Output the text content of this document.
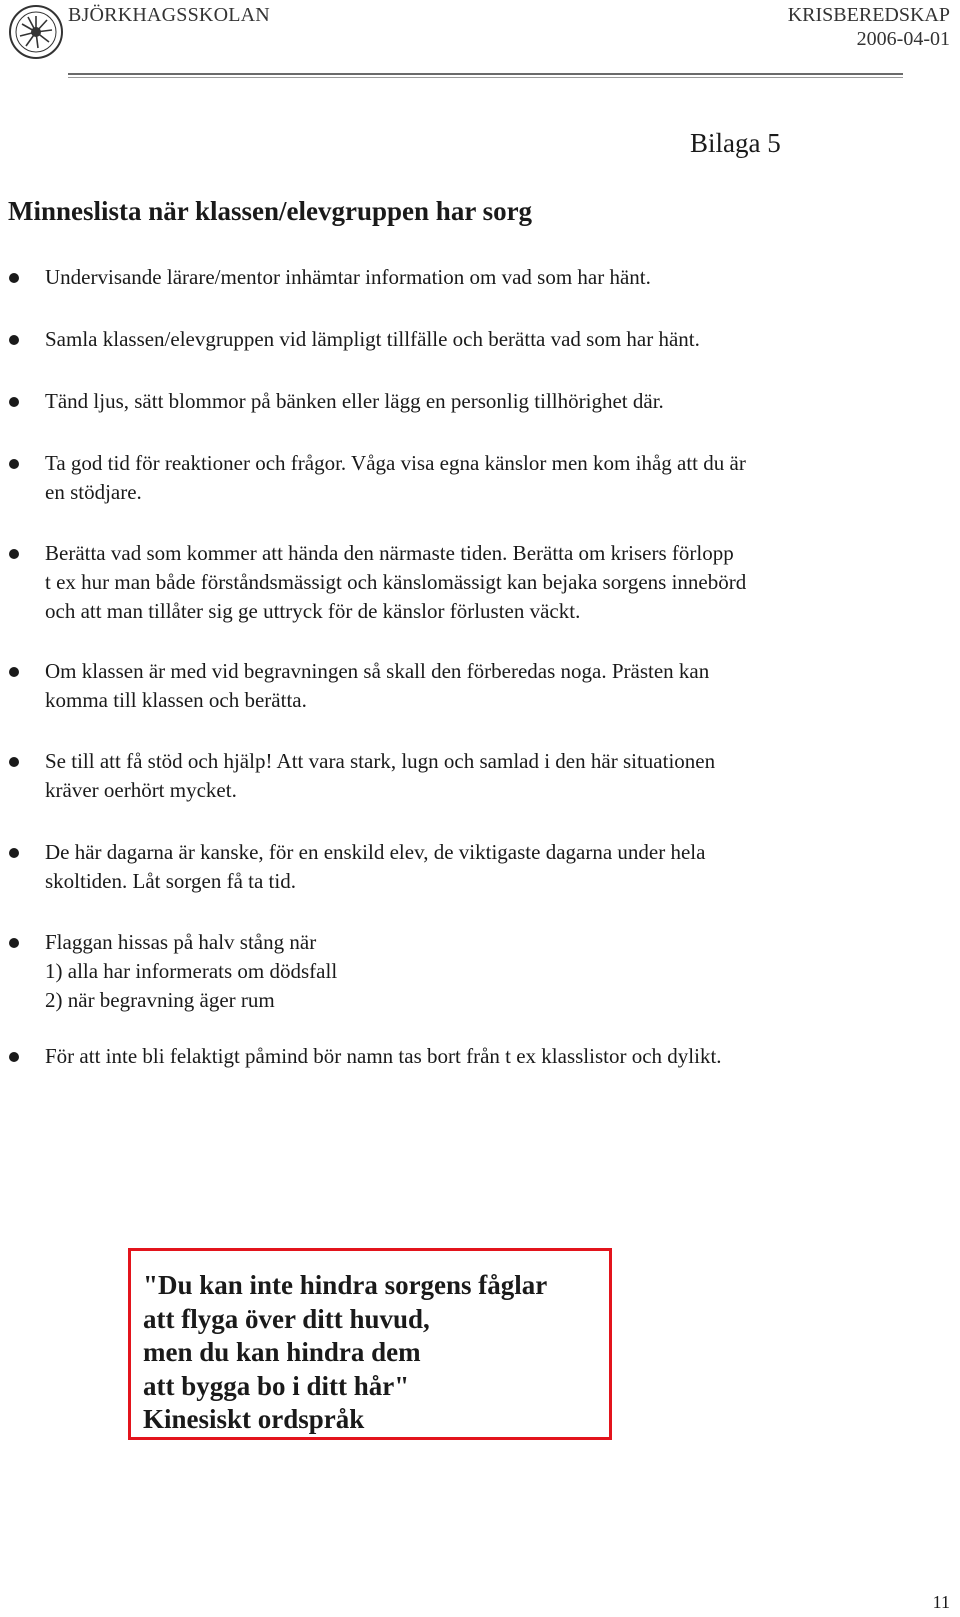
BJÖRKHAGSSKOLAN	KRISBEREDSKAP
2006-04-01
Bilaga 5
Minneslista när klassen/elevgruppen har sorg
Undervisande lärare/mentor inhämtar information om vad som har hänt.
Samla klassen/elevgruppen vid lämpligt tillfälle och berätta vad som har hänt.
Tänd ljus, sätt blommor på bänken eller lägg en personlig tillhörighet där.
Ta god tid för reaktioner och frågor. Våga visa egna känslor men kom ihåg att du är
en stödjare.
Berätta vad som kommer att hända den närmaste tiden. Berätta om krisers förlopp
t ex hur man både förståndsmässigt och känslomässigt kan bejaka sorgens innebörd
och att man tillåter sig ge uttryck för de känslor förlusten väckt.
Om klassen är med vid begravningen så skall den förberedas noga. Prästen kan
komma till klassen och berätta.
Se till att få stöd och hjälp! Att vara stark, lugn och samlad i den här situationen
kräver oerhört mycket.
De här dagarna är kanske, för en enskild elev, de viktigaste dagarna under hela
skoltiden. Låt sorgen få ta tid.
Flaggan hissas på halv stång när
1) alla har informerats om dödsfall
2) när begravning äger rum
För att inte bli felaktigt påmind bör namn tas bort från t ex klasslistor och dylikt.
"Du kan inte hindra sorgens fåglar
att flyga över ditt huvud,
men du kan hindra dem
att bygga bo i ditt hår"
Kinesiskt ordspråk
11
